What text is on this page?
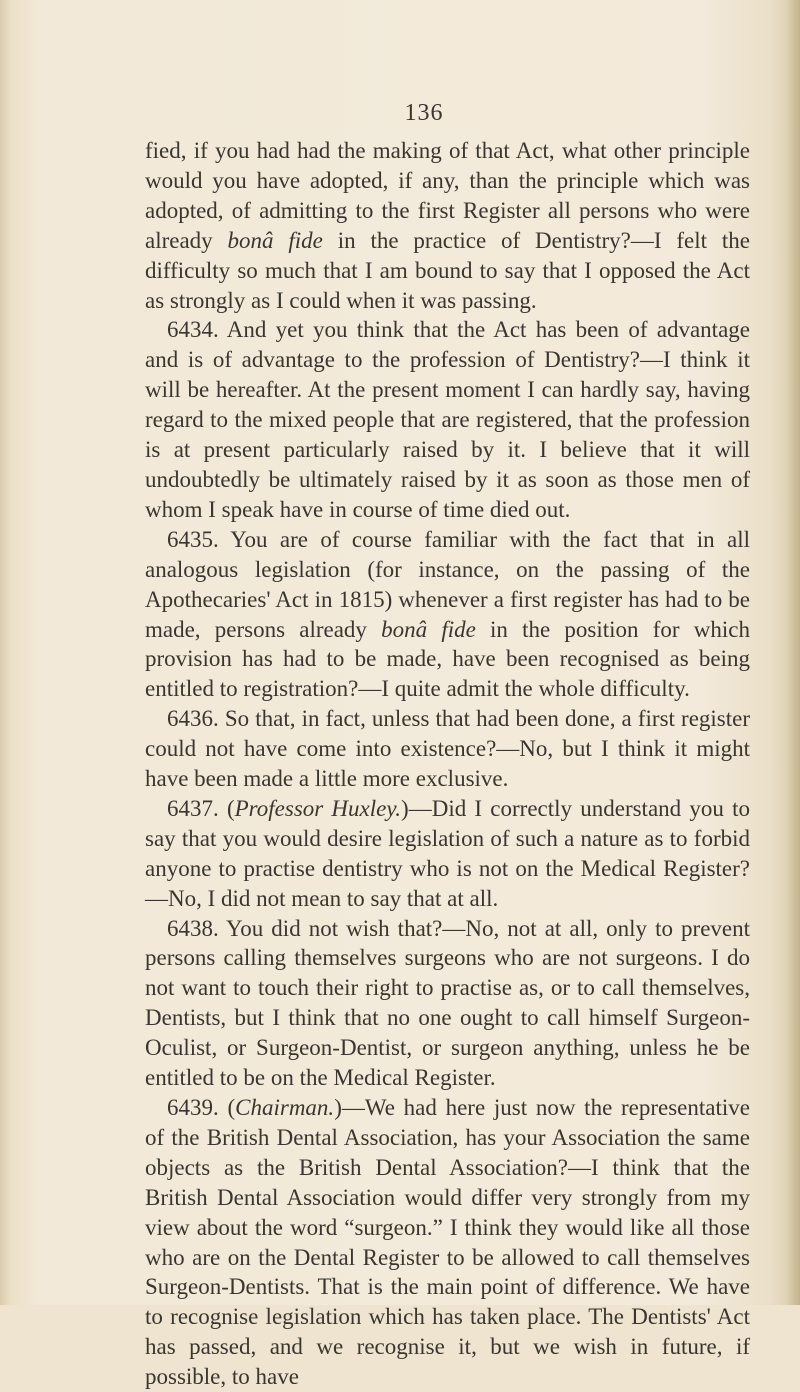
136

fied, if you had had the making of that Act, what other principle would you have adopted, if any, than the principle which was adopted, of admitting to the first Register all persons who were already bonâ fide in the practice of Dentistry?—I felt the difficulty so much that I am bound to say that I opposed the Act as strongly as I could when it was passing.

6434. And yet you think that the Act has been of advantage and is of advantage to the profession of Dentistry?—I think it will be hereafter. At the present moment I can hardly say, having regard to the mixed people that are registered, that the profession is at present particularly raised by it. I believe that it will undoubtedly be ultimately raised by it as soon as those men of whom I speak have in course of time died out.

6435. You are of course familiar with the fact that in all analogous legislation (for instance, on the passing of the Apothecaries' Act in 1815) whenever a first register has had to be made, persons already bonâ fide in the position for which provision has had to be made, have been recognised as being entitled to registration?—I quite admit the whole difficulty.

6436. So that, in fact, unless that had been done, a first register could not have come into existence?—No, but I think it might have been made a little more exclusive.

6437. (Professor Huxley.)—Did I correctly understand you to say that you would desire legislation of such a nature as to forbid anyone to practise dentistry who is not on the Medical Register?—No, I did not mean to say that at all.

6438. You did not wish that?—No, not at all, only to prevent persons calling themselves surgeons who are not surgeons. I do not want to touch their right to practise as, or to call themselves, Dentists, but I think that no one ought to call himself Surgeon-Oculist, or Surgeon-Dentist, or surgeon anything, unless he be entitled to be on the Medical Register.

6439. (Chairman.)—We had here just now the representative of the British Dental Association, has your Association the same objects as the British Dental Association?—I think that the British Dental Association would differ very strongly from my view about the word “surgeon.” I think they would like all those who are on the Dental Register to be allowed to call themselves Surgeon-Dentists. That is the main point of difference. We have to recognise legislation which has taken place. The Dentists' Act has passed, and we recognise it, but we wish in future, if possible, to have
